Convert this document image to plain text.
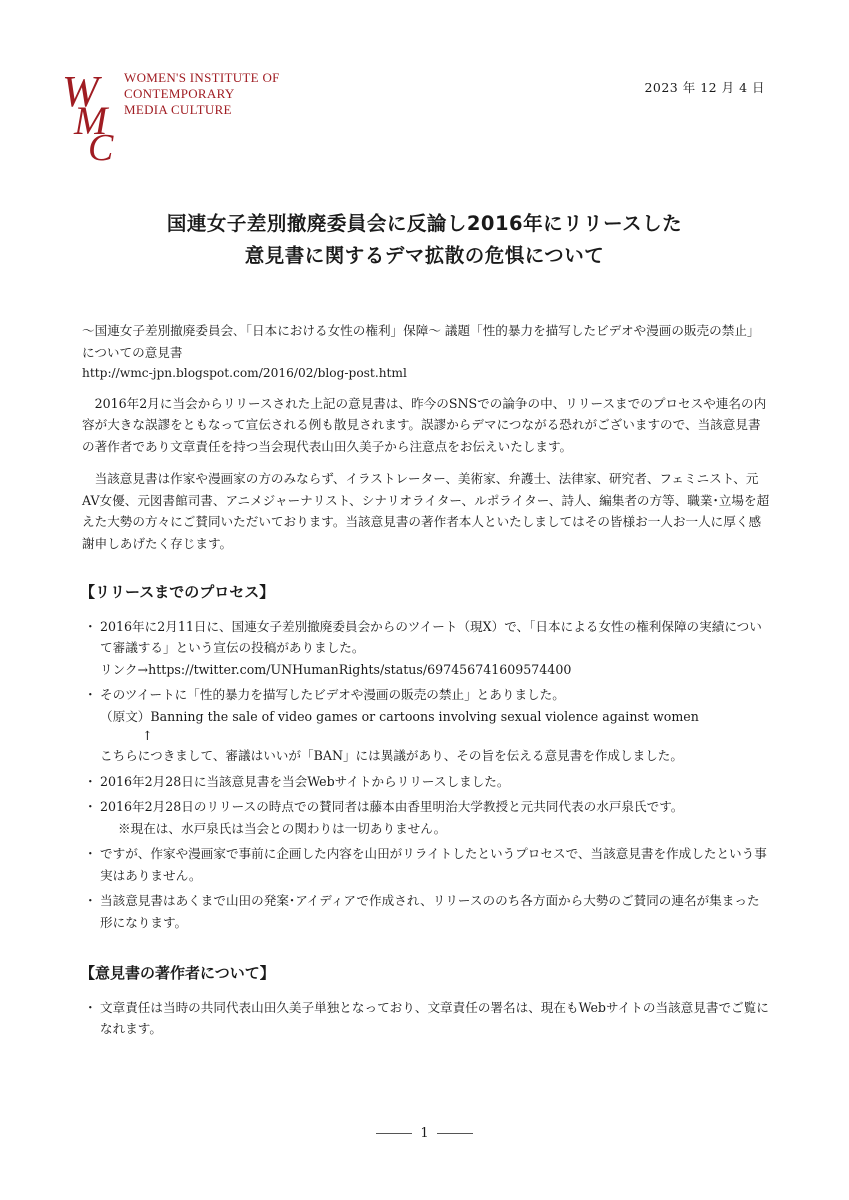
W
M
C
WOMEN'S INSTITUTE OF
CONTEMPORARY
MEDIA CULTURE
2023 年 12 月 4 日
国連女子差別撤廃委員会に反論し2016年にリリースした
意見書に関するデマ拡散の危惧について

〜国連女子差別撤廃委員会､「日本における女性の権利」保障〜 議題「性的暴力を描写したビデオや漫画の販売の禁止」についての意見書

http://wmc-jpn.blogspot.com/2016/02/blog-post.html

2016年2月に当会からリリースされた上記の意見書は、昨今のSNSでの論争の中、リリースまでのプロセスや連名の内容が大きな誤謬をともなって宣伝される例も散見されます。誤謬からデマにつながる恐れがございますので、当該意見書の著作者であり文章責任を持つ当会現代表山田久美子から注意点をお伝えいたします。

当該意見書は作家や漫画家の方のみならず、イラストレーター、美術家、弁護士、法律家、研究者、フェミニスト、元AV女優、元図書館司書、アニメジャーナリスト、シナリオライター、ルポライター、詩人、編集者の方等、職業･立場を超えた大勢の方々にご賛同いただいております。当該意見書の著作者本人といたしましてはその皆様お一人お一人に厚く感謝申しあげたく存じます。

【リリースまでのプロセス】
・ 2016年に2月11日に、国連女子差別撤廃委員会からのツイート（現X）で、「日本による女性の権利保障の実績について審議する」という宣伝の投稿がありました。
リンク→https://twitter.com/UNHumanRights/status/697456741609574400
・ そのツイートに「性的暴力を描写したビデオや漫画の販売の禁止」とありました。
（原文）Banning the sale of video games or cartoons involving sexual violence against women
↑
こちらにつきまして、審議はいいが「BAN」には異議があり、その旨を伝える意見書を作成しました。
・ 2016年2月28日に当該意見書を当会Webサイトからリリースしました。
・ 2016年2月28日のリリースの時点での賛同者は藤本由香里明治大学教授と元共同代表の水戸泉氏です。
※現在は、水戸泉氏は当会との関わりは一切ありません。
・ ですが、作家や漫画家で事前に企画した内容を山田がリライトしたというプロセスで、当該意見書を作成したという事実はありません。
・ 当該意見書はあくまで山田の発案･アイディアで作成され、リリースののち各方面から大勢のご賛同の連名が集まった形になります。
【意見書の著作者について】
・ 文章責任は当時の共同代表山田久美子単独となっており、文章責任の署名は、現在もWebサイトの当該意見書でご覧になれます。
1
